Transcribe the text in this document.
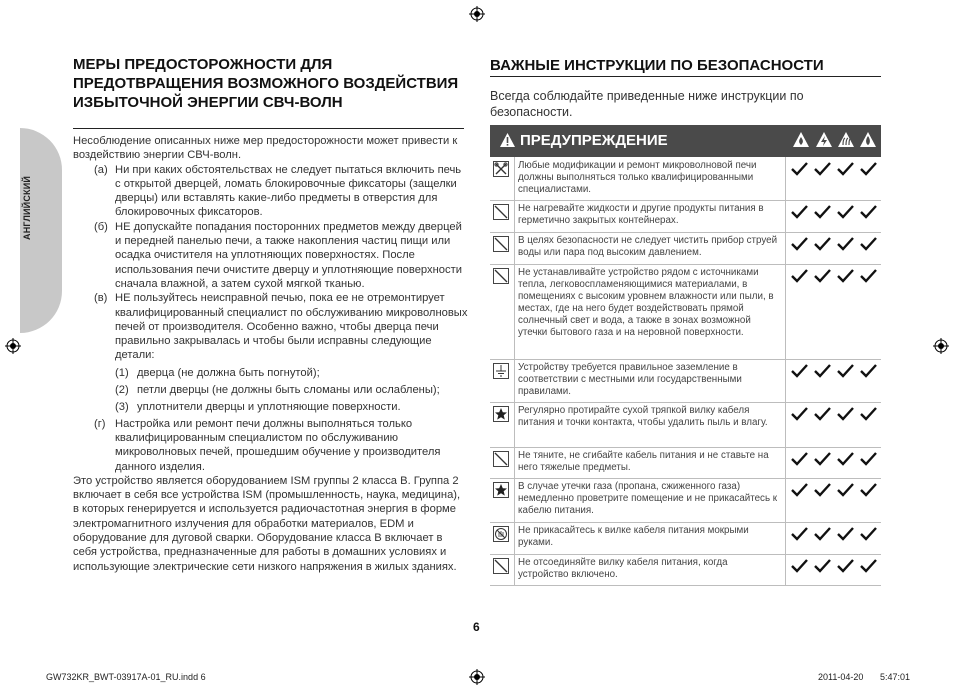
АНГЛИЙСКИЙ
МЕРЫ ПРЕДОСТОРОЖНОСТИ ДЛЯ ПРЕДОТВРАЩЕНИЯ ВОЗМОЖНОГО ВОЗДЕЙСТВИЯ ИЗБЫТОЧНОЙ ЭНЕРГИИ СВЧ-ВОЛН

Несоблюдение описанных ниже мер предосторожности может привести к воздействию энергии СВЧ-волн.

(а) Ни при каких обстоятельствах не следует пытаться включить печь с открытой дверцей, ломать блокировочные фиксаторы (защелки дверцы) или вставлять какие-либо предметы в отверстия для блокировочных фиксаторов.
(б) НЕ допускайте попадания посторонних предметов между дверцей и передней панелью печи, а также накопления частиц пищи или осадка очистителя на уплотняющих поверхностях. После использования печи очистите дверцу и уплотняющие поверхности сначала влажной, а затем сухой мягкой тканью.
(в) НЕ пользуйтесь неисправной печью, пока ее не отремонтирует квалифицированный специалист по обслуживанию микроволновых печей от производителя. Особенно важно, чтобы дверца печи правильно закрывалась и чтобы были исправны следующие детали:
(1) дверца (не должна быть погнутой);
(2) петли дверцы (не должны быть сломаны или ослаблены);
(3) уплотнители дверцы и уплотняющие поверхности.
(г) Настройка или ремонт печи должны выполняться только квалифицированным специалистом по обслуживанию микроволновых печей, прошедшим обучение у производителя данного изделия.

Это устройство является оборудованием ISM группы 2 класса B. Группа 2 включает в себя все устройства ISM (промышленность, наука, медицина), в которых генерируется и используется радиочастотная энергия в форме электромагнитного излучения для обработки материалов, EDM и оборудование для дуговой сварки. Оборудование класса B включает в себя устройства, предназначенные для работы в домашних условиях и использующие электрические сети низкого напряжения в жилых зданиях.

ВАЖНЫЕ ИНСТРУКЦИИ ПО БЕЗОПАСНОСТИ
Всегда соблюдайте приведенные ниже инструкции по безопасности.
ПРЕДУПРЕЖДЕНИЕ
Любые модификации и ремонт микроволновой печи должны выполняться только квалифицированными специалистами.
Не нагревайте жидкости и другие продукты питания в герметично закрытых контейнерах.
В целях безопасности не следует чистить прибор струей воды или пара под высоким давлением.
Не устанавливайте устройство рядом с источниками тепла, легковоспламеняющимися материалами, в помещениях с высоким уровнем влажности или пыли, в местах, где на него будет воздействовать прямой солнечный свет и вода, а также в зонах возможной утечки бытового газа и на неровной поверхности.
Устройству требуется правильное заземление в соответствии с местными или государственными правилами.
Регулярно протирайте сухой тряпкой вилку кабеля питания и точки контакта, чтобы удалить пыль и влагу.
Не тяните, не сгибайте кабель питания и не ставьте на него тяжелые предметы.
В случае утечки газа (пропана, сжиженного газа) немедленно проветрите помещение и не прикасайтесь к кабелю питания.
Не прикасайтесь к вилке кабеля питания мокрыми руками.
Не отсоединяйте вилку кабеля питания, когда устройство включено.
6
GW732KR_BWT-03917A-01_RU.indd 6	2011-04-20 5:47:01
